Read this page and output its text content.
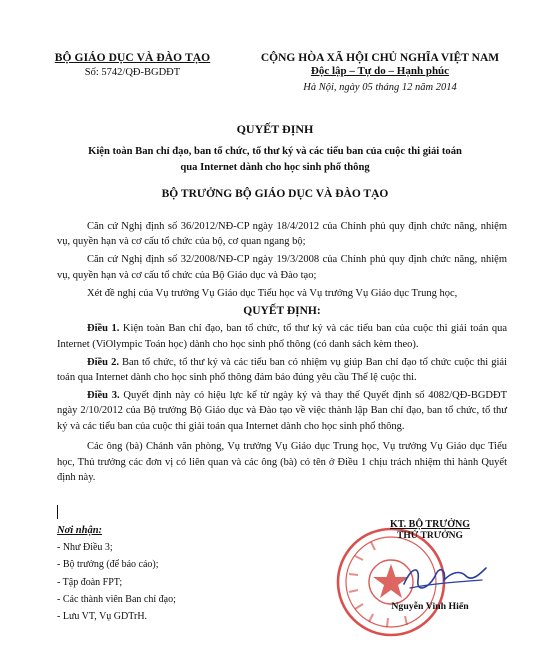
BỘ GIÁO DỤC VÀ ĐÀO TẠO
Số: 5742/QĐ-BGDĐT
CỘNG HÒA XÃ HỘI CHỦ NGHĨA VIỆT NAM
Độc lập – Tự do – Hạnh phúc
Hà Nội, ngày 05 tháng 12 năm 2014
QUYẾT ĐỊNH
Kiện toàn Ban chỉ đạo, ban tổ chức, tổ thư ký và các tiểu ban của cuộc thi giải toán
qua Internet dành cho học sinh phổ thông
BỘ TRƯỞNG BỘ GIÁO DỤC VÀ ĐÀO TẠO

Căn cứ Nghị định số 36/2012/NĐ-CP ngày 18/4/2012 của Chính phủ quy định chức năng, nhiệm vụ, quyền hạn và cơ cấu tổ chức của bộ, cơ quan ngang bộ;

Căn cứ Nghị định số 32/2008/NĐ-CP ngày 19/3/2008 của Chính phủ quy định chức năng, nhiệm vụ, quyền hạn và cơ cấu tổ chức của Bộ Giáo dục và Đào tạo;

Xét đề nghị của Vụ trưởng Vụ Giáo dục Tiểu học và Vụ trưởng Vụ Giáo dục Trung học,

QUYẾT ĐỊNH:

Điều 1. Kiện toàn Ban chỉ đạo, ban tổ chức, tổ thư ký và các tiểu ban của cuộc thi giải toán qua Internet (ViOlympic Toán học) dành cho học sinh phổ thông (có danh sách kèm theo).

Điều 2. Ban tổ chức, tổ thư ký và các tiểu ban có nhiệm vụ giúp Ban chỉ đạo tổ chức cuộc thi giải toán qua Internet dành cho học sinh phổ thông đảm bảo đúng yêu cầu Thể lệ cuộc thi.

Điều 3. Quyết định này có hiệu lực kể từ ngày ký và thay thế Quyết định số 4082/QĐ-BGDĐT ngày 2/10/2012 của Bộ trưởng Bộ Giáo dục và Đào tạo về việc thành lập Ban chỉ đạo, ban tổ chức, tổ thư ký và các tiểu ban của cuộc thi giải toán qua Internet dành cho học sinh phổ thông.

Các ông (bà) Chánh văn phòng, Vụ trưởng Vụ Giáo dục Trung học, Vụ trưởng Vụ Giáo dục Tiểu học, Thủ trưởng các đơn vị có liên quan và các ông (bà) có tên ở Điều 1 chịu trách nhiệm thi hành Quyết định này.

Nơi nhận:
- Như Điều 3;
- Bộ trưởng (để báo cáo);
- Tập đoàn FPT;
- Các thành viên Ban chỉ đạo;
- Lưu VT, Vụ GDTrH.
KT. BỘ TRƯỞNG
THỨ TRƯỞNG
Nguyễn Vinh Hiển
